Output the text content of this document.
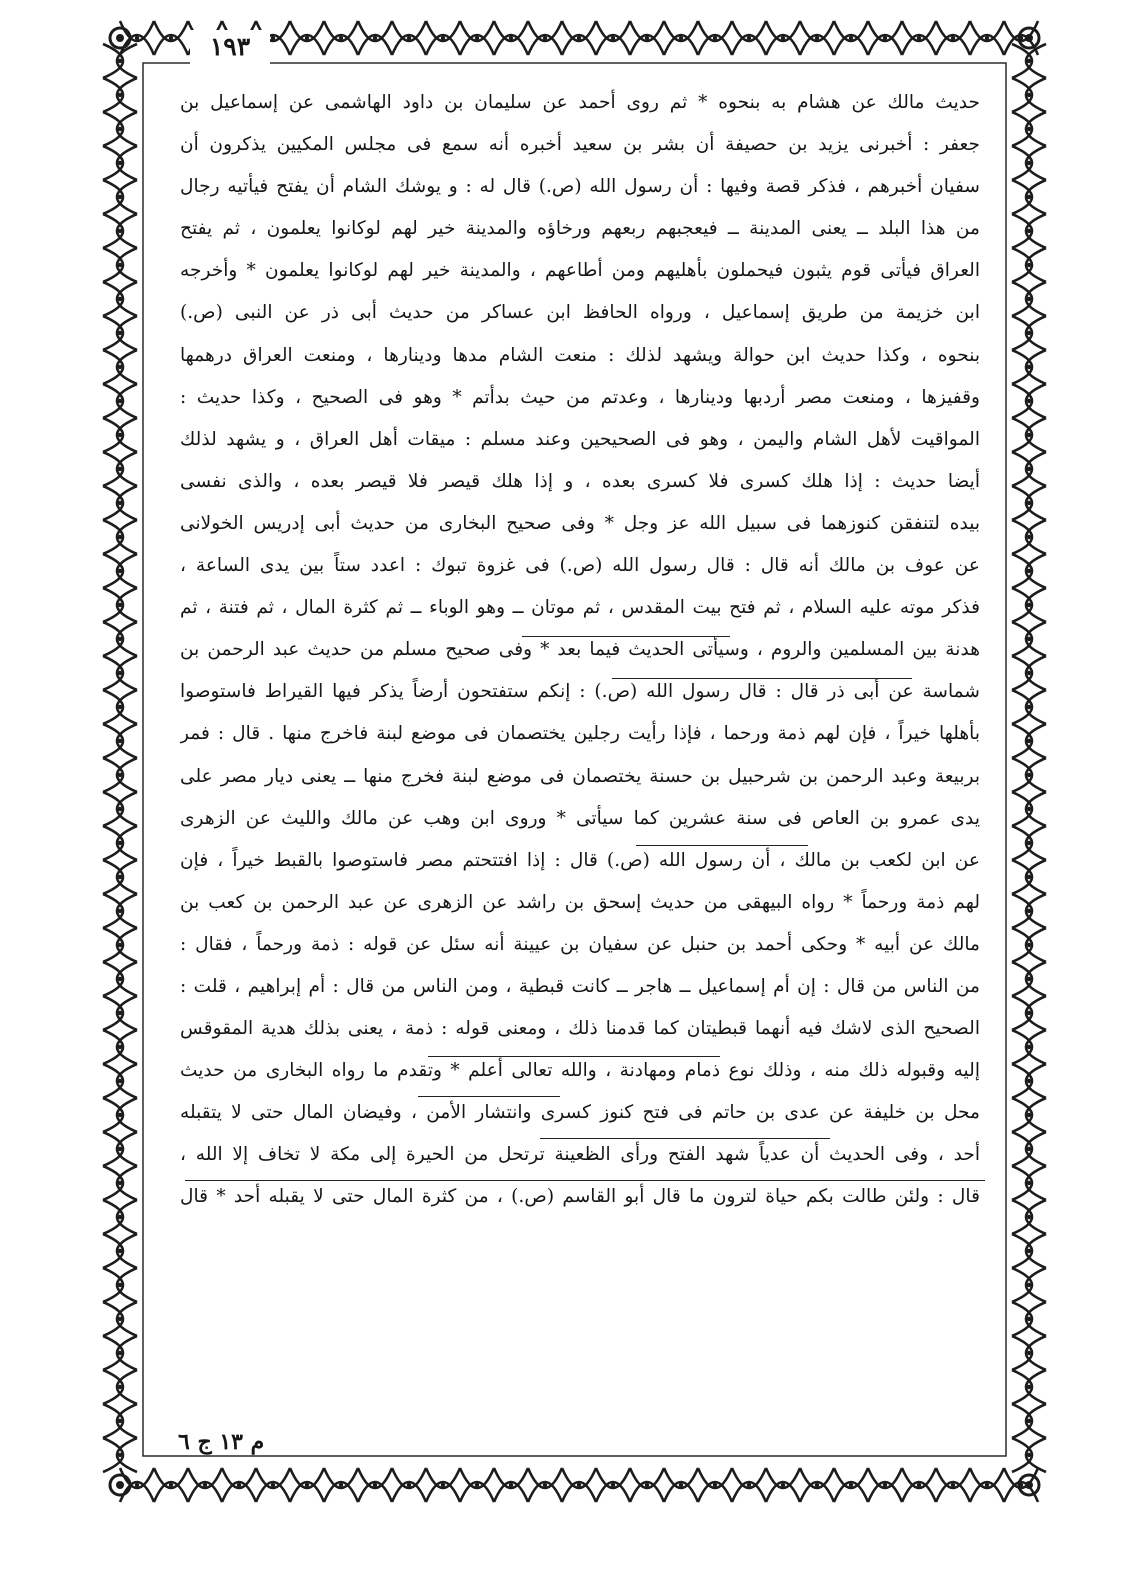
١٩٣
حديث مالك عن هشام به بنحوه * ثم روى أحمد عن سليمان بن داود الهاشمى عن إسماعيل بن
جعفر : أخبرنى يزيد بن حصيفة أن بشر بن سعيد أخبره أنه سمع فى مجلس المكيين يذكرون أن
سفيان أخبرهم ، فذكر قصة وفيها : أن رسول الله (ص.) قال له : و يوشك الشام أن يفتح فيأتيه رجال
من هذا البلد ــ يعنى المدينة ــ فيعجبهم ربعهم ورخاؤه والمدينة خير لهم لوكانوا يعلمون ، ثم يفتح
العراق فيأتى قوم يثبون فيحملون بأهليهم ومن أطاعهم ، والمدينة خير لهم لوكانوا يعلمون * وأخرجه
ابن خزيمة من طريق إسماعيل ، ورواه الحافظ ابن عساكر من حديث أبى ذر عن النبى (ص.)
بنحوه ، وكذا حديث ابن حوالة ويشهد لذلك : منعت الشام مدها ودينارها ، ومنعت العراق درهمها
وقفيزها ، ومنعت مصر أردبها ودينارها ، وعدتم من حيث بدأتم * وهو فى الصحيح ، وكذا حديث :
المواقيت لأهل الشام واليمن ، وهو فى الصحيحين وعند مسلم : ميقات أهل العراق ، و يشهد لذلك
أيضا حديث : إذا هلك كسرى فلا كسرى بعده ، و إذا هلك قيصر فلا قيصر بعده ، والذى نفسى
بيده لتنفقن كنوزهما فى سبيل الله عز وجل * وفى صحيح البخارى من حديث أبى إدريس الخولانى
عن عوف بن مالك أنه قال : قال رسول الله (ص.) فى غزوة تبوك : اعدد ستاً بين يدى الساعة ،
فذكر موته عليه السلام ، ثم فتح بيت المقدس ، ثم موتان ــ وهو الوباء ــ ثم كثرة المال ، ثم فتنة ، ثم
هدنة بين المسلمين والروم ، وسيأتى الحديث فيما بعد * وفى صحيح مسلم من حديث عبد الرحمن بن
شماسة عن أبى ذر قال : قال رسول الله (ص.) : إنكم ستفتحون أرضاً يذكر فيها القيراط فاستوصوا
بأهلها خيراً ، فإن لهم ذمة ورحما ، فإذا رأيت رجلين يختصمان فى موضع لبنة فاخرج منها . قال : فمر
بربيعة وعبد الرحمن بن شرحبيل بن حسنة يختصمان فى موضع لبنة فخرج منها ــ يعنى ديار مصر على
يدى عمرو بن العاص فى سنة عشرين كما سيأتى * وروى ابن وهب عن مالك والليث عن الزهرى
عن ابن لكعب بن مالك ، أن رسول الله (ص.) قال : إذا افتتحتم مصر فاستوصوا بالقبط خيراً ، فإن
لهم ذمة ورحماً * رواه البيهقى من حديث إسحق بن راشد عن الزهرى عن عبد الرحمن بن كعب بن
مالك عن أبيه * وحكى أحمد بن حنبل عن سفيان بن عيينة أنه سئل عن قوله : ذمة ورحماً ، فقال :
من الناس من قال : إن أم إسماعيل ــ هاجر ــ كانت قبطية ، ومن الناس من قال : أم إبراهيم ، قلت :
الصحيح الذى لاشك فيه أنهما قبطيتان كما قدمنا ذلك ، ومعنى قوله : ذمة ، يعنى بذلك هدية المقوقس
إليه وقبوله ذلك منه ، وذلك نوع ذمام ومهادنة ، والله تعالى أعلم * وتقدم ما رواه البخارى من حديث
محل بن خليفة عن عدى بن حاتم فى فتح كنوز كسرى وانتشار الأمن ، وفيضان المال حتى لا يتقبله
أحد ، وفى الحديث أن عدياً شهد الفتح ورأى الظعينة ترتحل من الحيرة إلى مكة لا تخاف إلا الله ،
قال : ولئن طالت بكم حياة لترون ما قال أبو القاسم (ص.) ، من كثرة المال حتى لا يقبله أحد * قال
م ١٣ ج ٦
